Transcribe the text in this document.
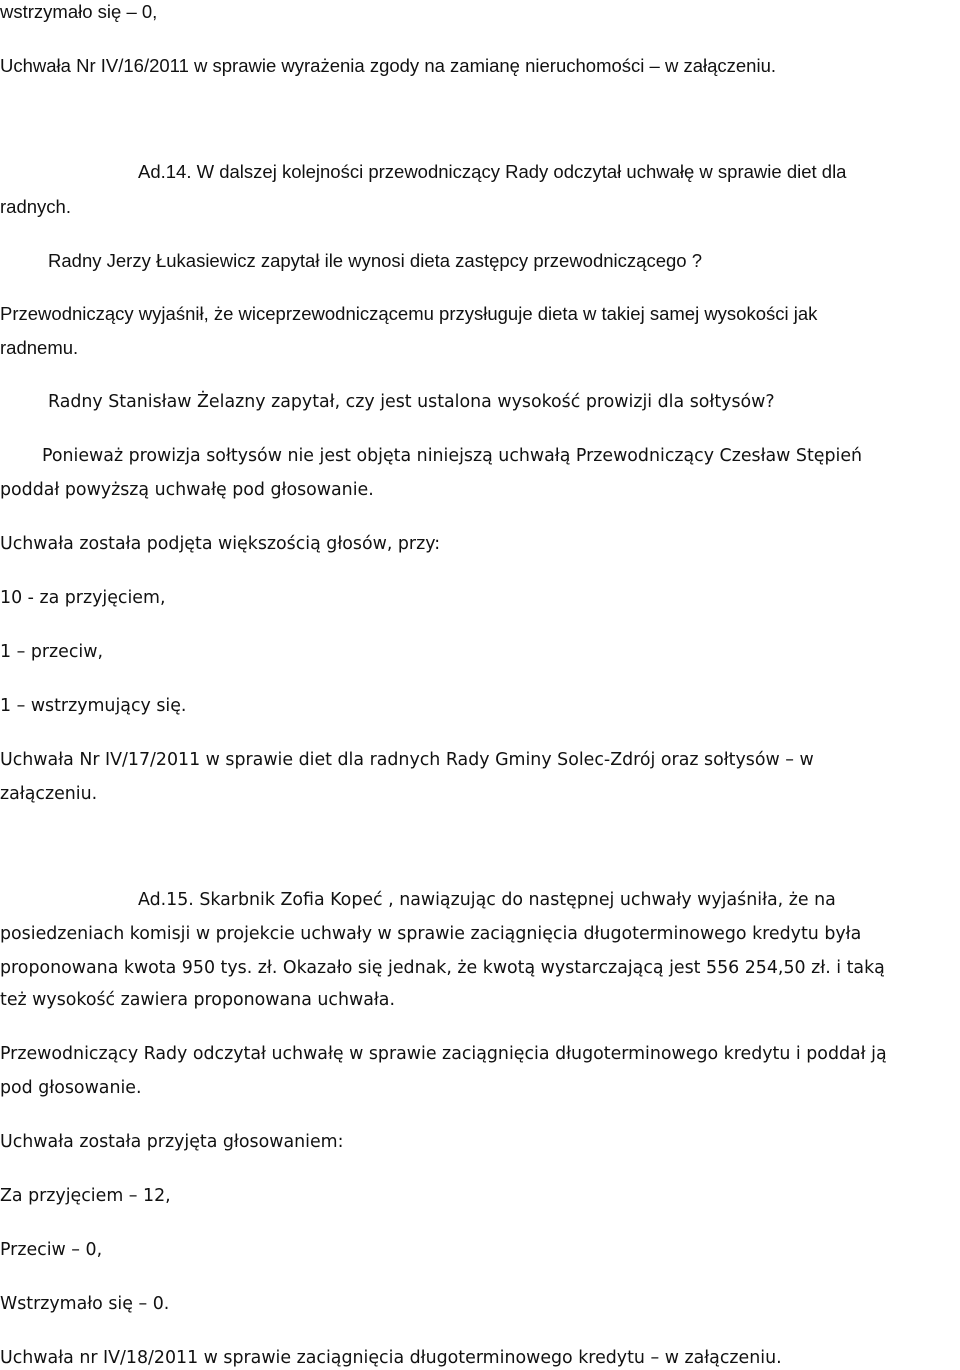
wstrzymało się – 0,
Uchwała Nr IV/16/2011 w sprawie wyrażenia zgody na zamianę nieruchomości – w załączeniu.
Ad.14. W dalszej kolejności przewodniczący Rady odczytał uchwałę w sprawie diet dla
radnych.
Radny Jerzy Łukasiewicz zapytał ile wynosi dieta zastępcy przewodniczącego ?
Przewodniczący wyjaśnił, że wiceprzewodniczącemu przysługuje dieta w takiej samej wysokości jak
radnemu.
Radny Stanisław Żelazny zapytał, czy jest ustalona wysokość prowizji dla sołtysów?
Ponieważ prowizja sołtysów nie jest objęta niniejszą uchwałą Przewodniczący Czesław Stępień
poddał powyższą uchwałę pod głosowanie.
Uchwała została podjęta większością głosów, przy:
10 - za przyjęciem,
1 – przeciw,
1 – wstrzymujący się.
Uchwała Nr IV/17/2011 w sprawie diet dla radnych Rady Gminy Solec-Zdrój oraz sołtysów – w
załączeniu.
Ad.15. Skarbnik Zofia Kopeć , nawiązując do następnej uchwały wyjaśniła, że na
posiedzeniach komisji w projekcie uchwały w sprawie zaciągnięcia długoterminowego kredytu była
proponowana kwota 950 tys. zł. Okazało się jednak, że kwotą wystarczającą jest 556 254,50 zł. i taką
też wysokość zawiera proponowana uchwała.
Przewodniczący Rady odczytał uchwałę w sprawie zaciągnięcia długoterminowego kredytu i poddał ją
pod głosowanie.
Uchwała została przyjęta głosowaniem:
Za przyjęciem – 12,
Przeciw – 0,
Wstrzymało się – 0.
Uchwała nr IV/18/2011 w sprawie zaciągnięcia długoterminowego kredytu – w załączeniu.
